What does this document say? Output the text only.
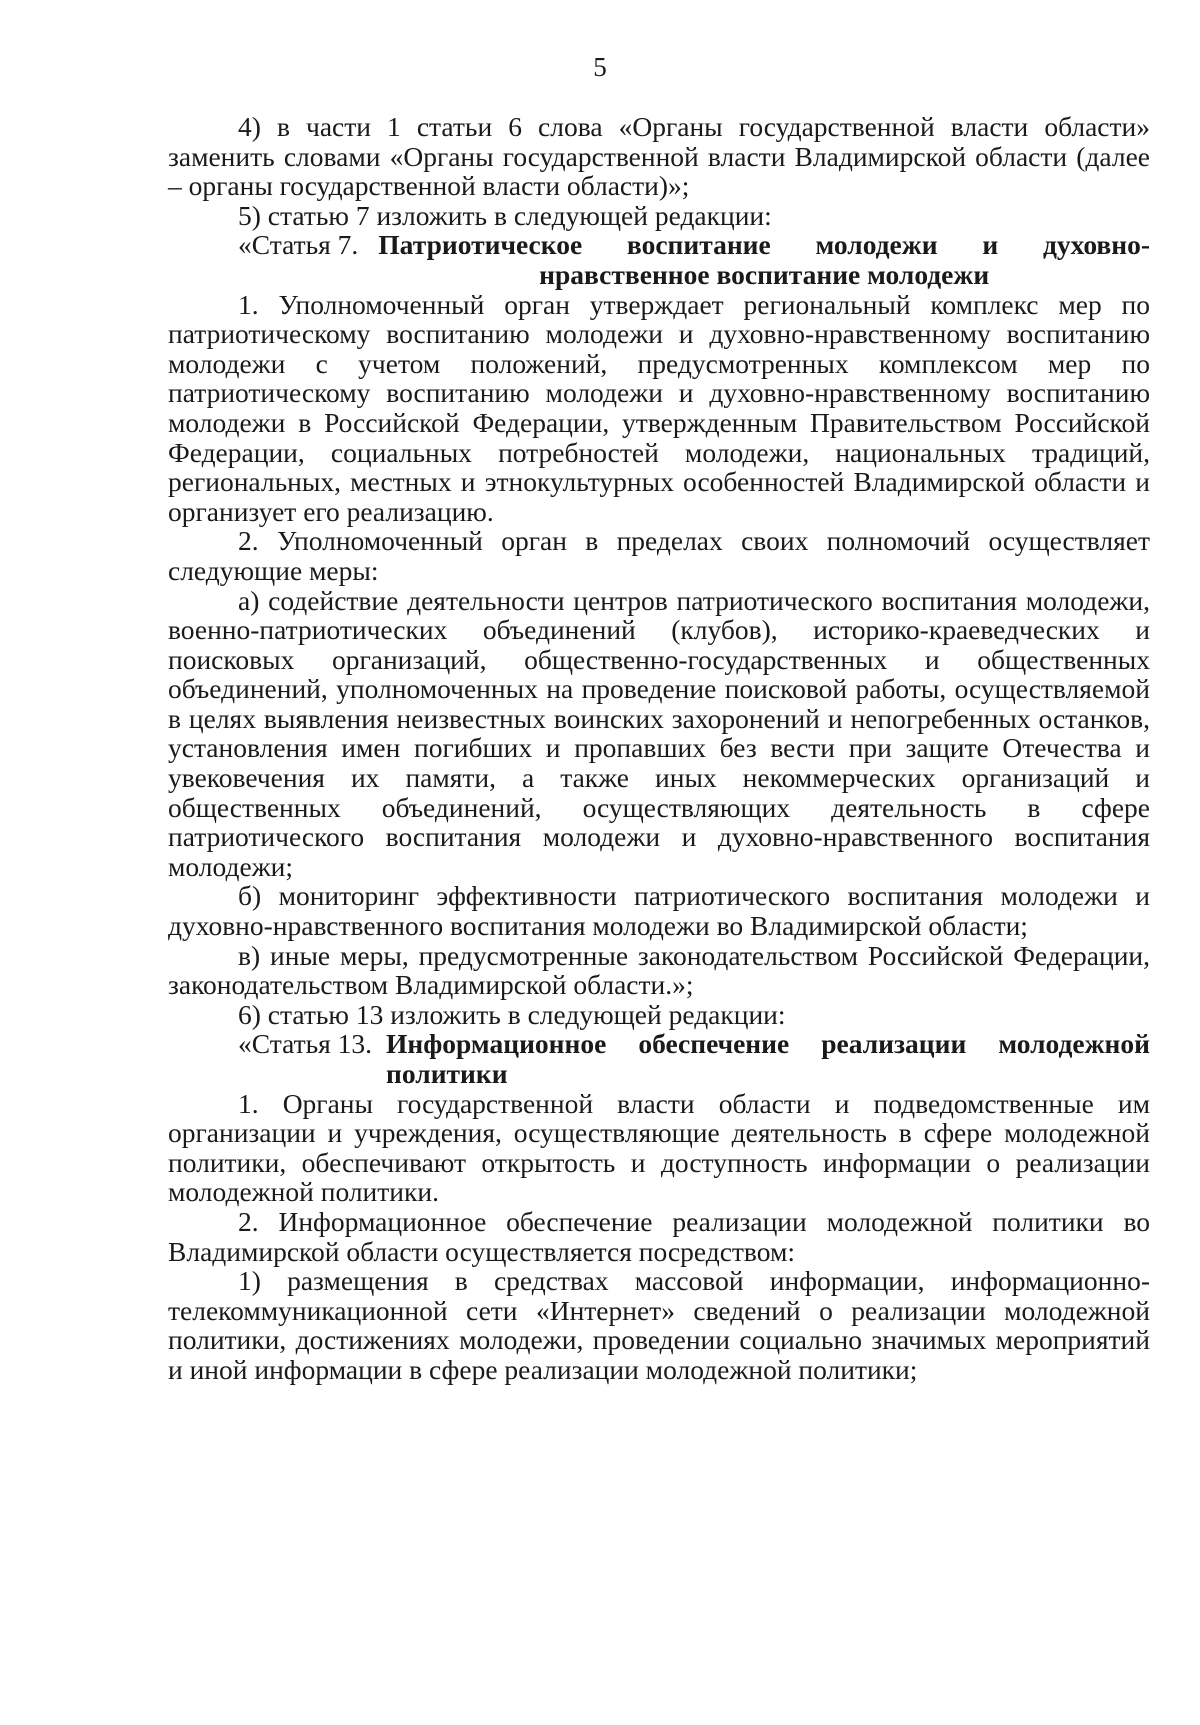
5

4) в части 1 статьи 6 слова «Органы государственной власти области» заменить словами «Органы государственной власти Владимирской области (далее – органы государственной власти области)»;

5) статью 7 изложить в следующей редакции:

«Статья 7. Патриотическое воспитание молодежи и духовно-нравственное воспитание молодежи

1. Уполномоченный орган утверждает региональный комплекс мер по патриотическому воспитанию молодежи и духовно-нравственному воспитанию молодежи с учетом положений, предусмотренных комплексом мер по патриотическому воспитанию молодежи и духовно-нравственному воспитанию молодежи в Российской Федерации, утвержденным Правительством Российской Федерации, социальных потребностей молодежи, национальных традиций, региональных, местных и этнокультурных особенностей Владимирской области и организует его реализацию.

2. Уполномоченный орган в пределах своих полномочий осуществляет следующие меры:

а) содействие деятельности центров патриотического воспитания молодежи, военно-патриотических объединений (клубов), историко-краеведческих и поисковых организаций, общественно-государственных и общественных объединений, уполномоченных на проведение поисковой работы, осуществляемой в целях выявления неизвестных воинских захоронений и непогребенных останков, установления имен погибших и пропавших без вести при защите Отечества и увековечения их памяти, а также иных некоммерческих организаций и общественных объединений, осуществляющих деятельность в сфере патриотического воспитания молодежи и духовно-нравственного воспитания молодежи;

б) мониторинг эффективности патриотического воспитания молодежи и духовно-нравственного воспитания молодежи во Владимирской области;

в) иные меры, предусмотренные законодательством Российской Федерации, законодательством Владимирской области.»;

6) статью 13 изложить в следующей редакции:

«Статья 13. Информационное обеспечение реализации молодежной политики

1. Органы государственной власти области и подведомственные им организации и учреждения, осуществляющие деятельность в сфере молодежной политики, обеспечивают открытость и доступность информации о реализации молодежной политики.

2. Информационное обеспечение реализации молодежной политики во Владимирской области осуществляется посредством:

1) размещения в средствах массовой информации, информационно-телекоммуникационной сети «Интернет» сведений о реализации молодежной политики, достижениях молодежи, проведении социально значимых мероприятий и иной информации в сфере реализации молодежной политики;
